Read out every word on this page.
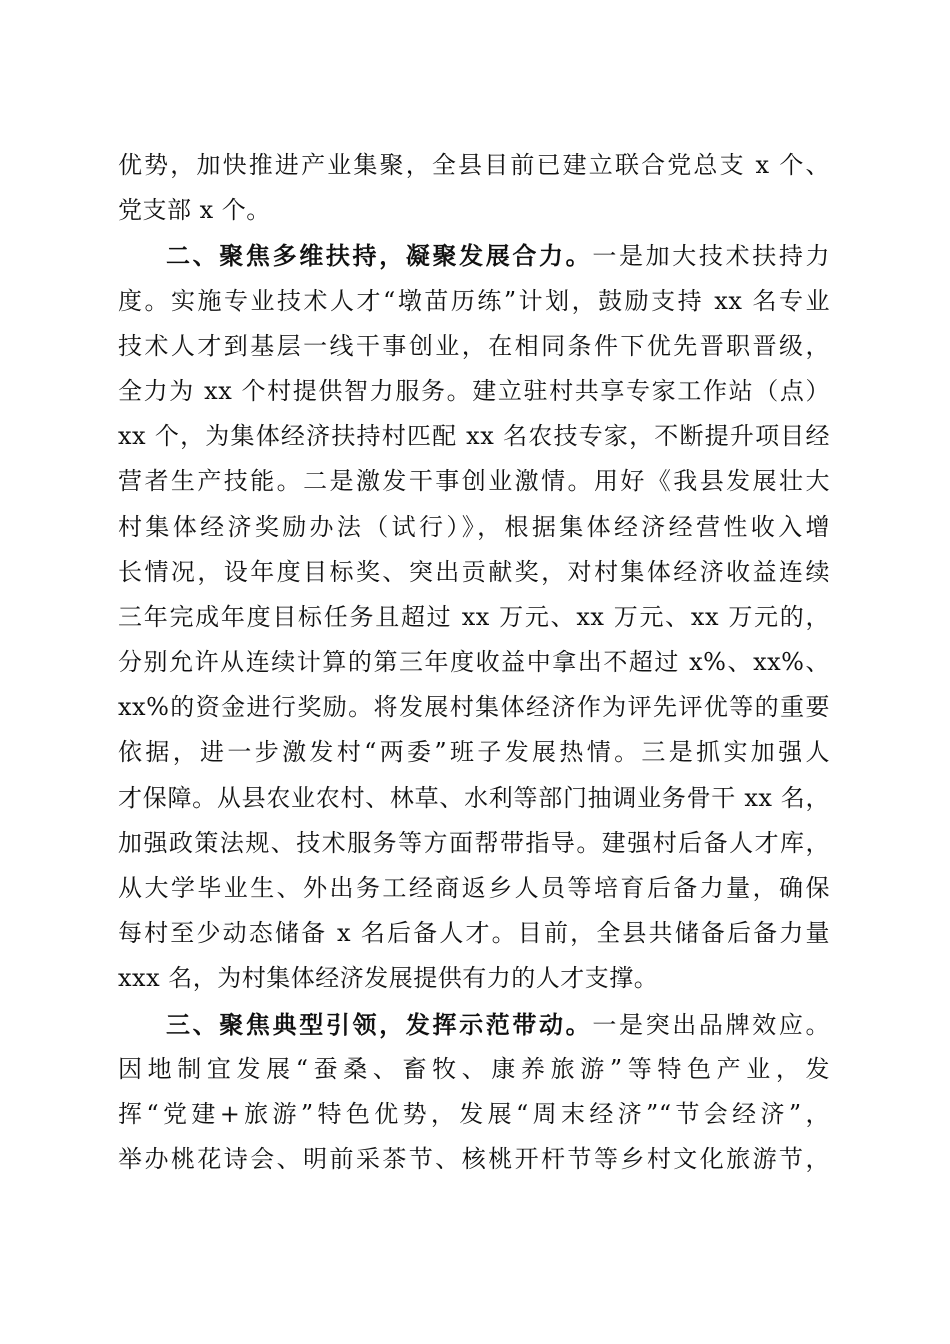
优势，加快推进产业集聚，全县目前已建立联合党总支 x 个、
党支部 x 个。
二、聚焦多维扶持，凝聚发展合力。一是加大技术扶持力
度。实施专业技术人才“墩苗历练”计划，鼓励支持 xx 名专业
技术人才到基层一线干事创业，在相同条件下优先晋职晋级，
全力为 xx 个村提供智力服务。建立驻村共享专家工作站（点）
xx 个，为集体经济扶持村匹配 xx 名农技专家，不断提升项目经
营者生产技能。二是激发干事创业激情。用好《我县发展壮大
村集体经济奖励办法（试行）》，根据集体经济经营性收入增
长情况，设年度目标奖、突出贡献奖，对村集体经济收益连续
三年完成年度目标任务且超过 xx 万元、xx 万元、xx 万元的，
分别允许从连续计算的第三年度收益中拿出不超过 x%、xx%、
xx%的资金进行奖励。将发展村集体经济作为评先评优等的重要
依据，进一步激发村“两委”班子发展热情。三是抓实加强人
才保障。从县农业农村、林草、水利等部门抽调业务骨干 xx 名，
加强政策法规、技术服务等方面帮带指导。建强村后备人才库，
从大学毕业生、外出务工经商返乡人员等培育后备力量，确保
每村至少动态储备 x 名后备人才。目前，全县共储备后备力量
xxx 名，为村集体经济发展提供有力的人才支撑。
三、聚焦典型引领，发挥示范带动。一是突出品牌效应。
因地制宜发展“蚕桑、畜牧、康养旅游”等特色产业，发
挥“党建+旅游”特色优势，发展“周末经济”“节会经济”，
举办桃花诗会、明前采茶节、核桃开杆节等乡村文化旅游节，
